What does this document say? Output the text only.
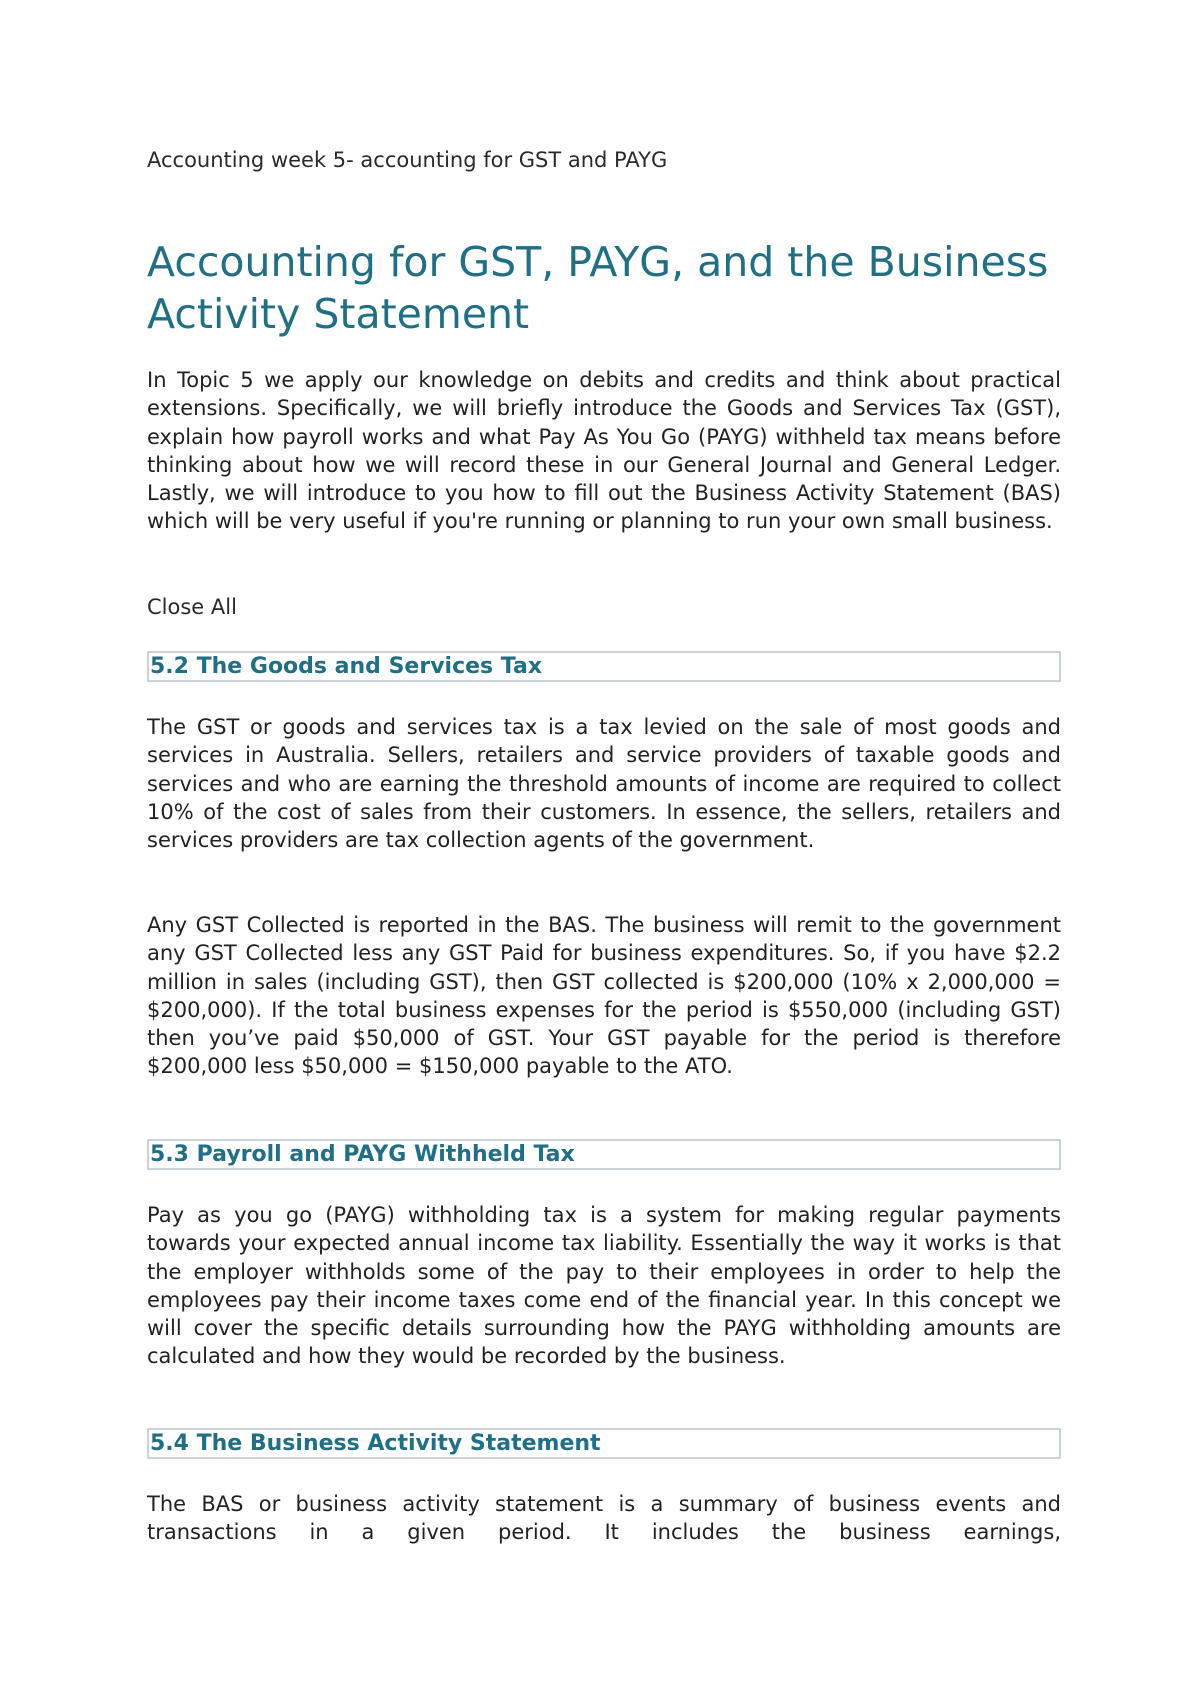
Accounting week 5- accounting for GST and PAYG
Accounting for GST, PAYG, and the Business Activity Statement

In Topic 5 we apply our knowledge on debits and credits and think about practical extensions. Specifically, we will briefly introduce the Goods and Services Tax (GST), explain how payroll works and what Pay As You Go (PAYG) withheld tax means before thinking about how we will record these in our General Journal and General Ledger. Lastly, we will introduce to you how to fill out the Business Activity Statement (BAS) which will be very useful if you're running or planning to run your own small business.

Close All
5.2 The Goods and Services Tax

The GST or goods and services tax is a tax levied on the sale of most goods and services in Australia. Sellers, retailers and service providers of taxable goods and services and who are earning the threshold amounts of income are required to collect 10% of the cost of sales from their customers. In essence, the sellers, retailers and services providers are tax collection agents of the government.

Any GST Collected is reported in the BAS. The business will remit to the government any GST Collected less any GST Paid for business expenditures. So, if you have $2.2 million in sales (including GST), then GST collected is $200,000 (10% x 2,000,000 = $200,000). If the total business expenses for the period is $550,000 (including GST) then you’ve paid $50,000 of GST. Your GST payable for the period is therefore $200,000 less $50,000 = $150,000 payable to the ATO.

5.3 Payroll and PAYG Withheld Tax

Pay as you go (PAYG) withholding tax is a system for making regular payments towards your expected annual income tax liability. Essentially the way it works is that the employer withholds some of the pay to their employees in order to help the employees pay their income taxes come end of the financial year. In this concept we will cover the specific details surrounding how the PAYG withholding amounts are calculated and how they would be recorded by the business.

5.4 The Business Activity Statement

The BAS or business activity statement is a summary of business events and transactions in a given period. It includes the business earnings,
